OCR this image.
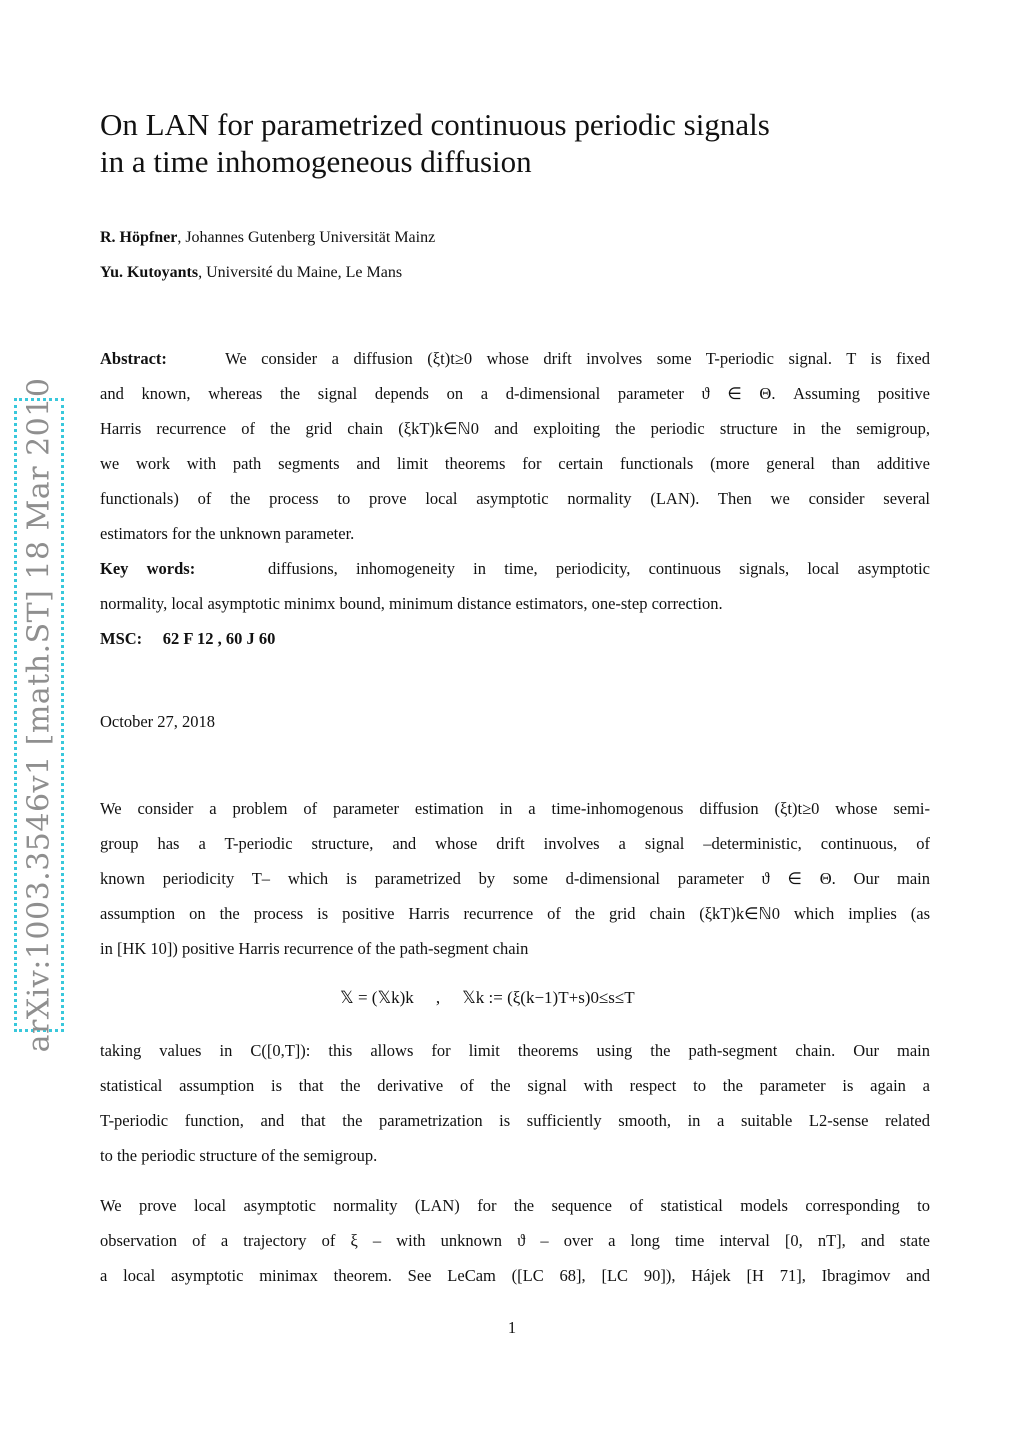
arXiv:1003.3546v1 [math.ST] 18 Mar 2010
On LAN for parametrized continuous periodic signals
in a time inhomogeneous diffusion
R. Höpfner, Johannes Gutenberg Universität Mainz
Yu. Kutoyants, Université du Maine, Le Mans
Abstract:	We consider a diffusion (ξt)t≥0 whose drift involves some T-periodic signal. T is fixed
and known, whereas the signal depends on a d-dimensional parameter ϑ ∈ Θ. Assuming positive
Harris recurrence of the grid chain (ξkT)k∈ℕ0 and exploiting the periodic structure in the semigroup,
we work with path segments and limit theorems for certain functionals (more general than additive
functionals) of the process to prove local asymptotic normality (LAN). Then we consider several
estimators for the unknown parameter.
Key words:	diffusions, inhomogeneity in time, periodicity, continuous signals, local asymptotic
normality, local asymptotic minimx bound, minimum distance estimators, one-step correction.
MSC: 62 F 12 , 60 J 60
October 27, 2018
We consider a problem of parameter estimation in a time-inhomogenous diffusion (ξt)t≥0 whose semi-
group has a T-periodic structure, and whose drift involves a signal –deterministic, continuous, of
known periodicity T– which is parametrized by some d-dimensional parameter ϑ ∈ Θ. Our main
assumption on the process is positive Harris recurrence of the grid chain (ξkT)k∈ℕ0 which implies (as
in [HK 10]) positive Harris recurrence of the path-segment chain
𝕏 = (𝕏k)k , 𝕏k := (ξ(k−1)T+s)0≤s≤T
taking values in C([0,T]): this allows for limit theorems using the path-segment chain. Our main
statistical assumption is that the derivative of the signal with respect to the parameter is again a
T-periodic function, and that the parametrization is sufficiently smooth, in a suitable L2-sense related
to the periodic structure of the semigroup.
We prove local asymptotic normality (LAN) for the sequence of statistical models corresponding to
observation of a trajectory of ξ – with unknown ϑ – over a long time interval [0, nT], and state
a local asymptotic minimax theorem. See LeCam ([LC 68], [LC 90]), Hájek [H 71], Ibragimov and
1
